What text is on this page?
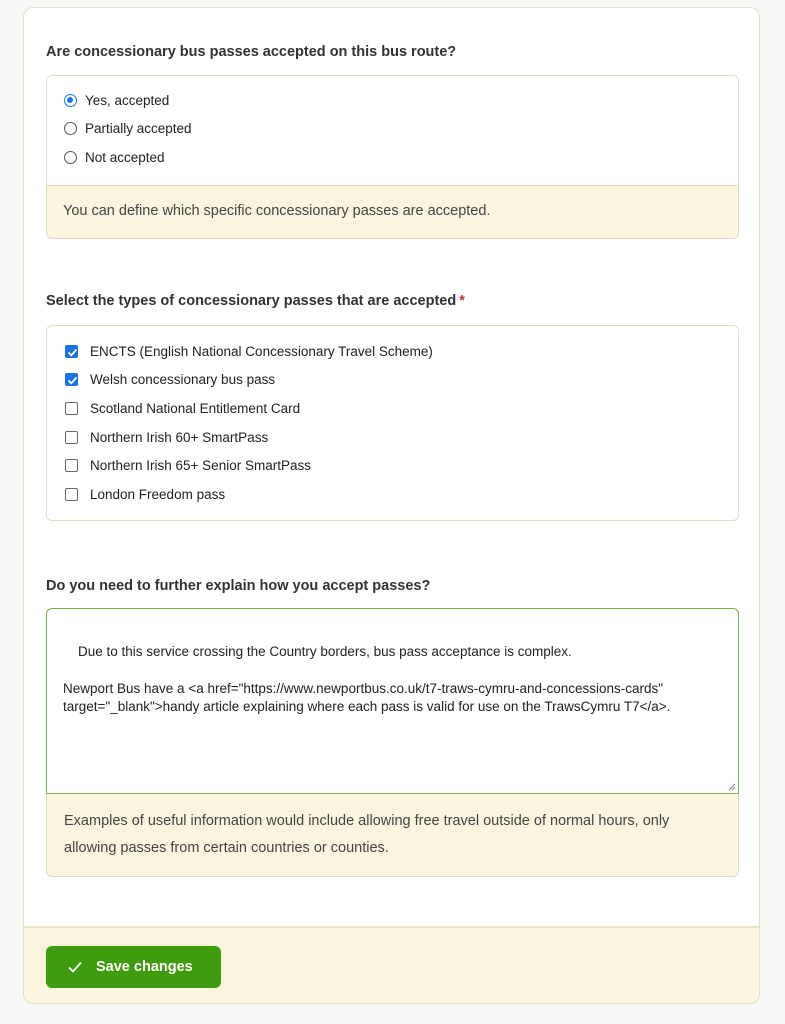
Are concessionary bus passes accepted on this bus route?
Yes, accepted
Partially accepted
Not accepted
You can define which specific concessionary passes are accepted.
Select the types of concessionary passes that are accepted *
ENCTS (English National Concessionary Travel Scheme)
Welsh concessionary bus pass
Scotland National Entitlement Card
Northern Irish 60+ SmartPass
Northern Irish 65+ Senior SmartPass
London Freedom pass
Do you need to further explain how you accept passes?

Due to this service crossing the Country borders, bus pass acceptance is complex.

Newport Bus have a <a href="https://www.newportbus.co.uk/t7-traws-cymru-and-concessions-cards" target="_blank">handy article explaining where each pass is valid for use on the TrawsCymru T7</a>.

Examples of useful information would include allowing free travel outside of normal hours, only allowing passes from certain countries or counties.
Save changes
